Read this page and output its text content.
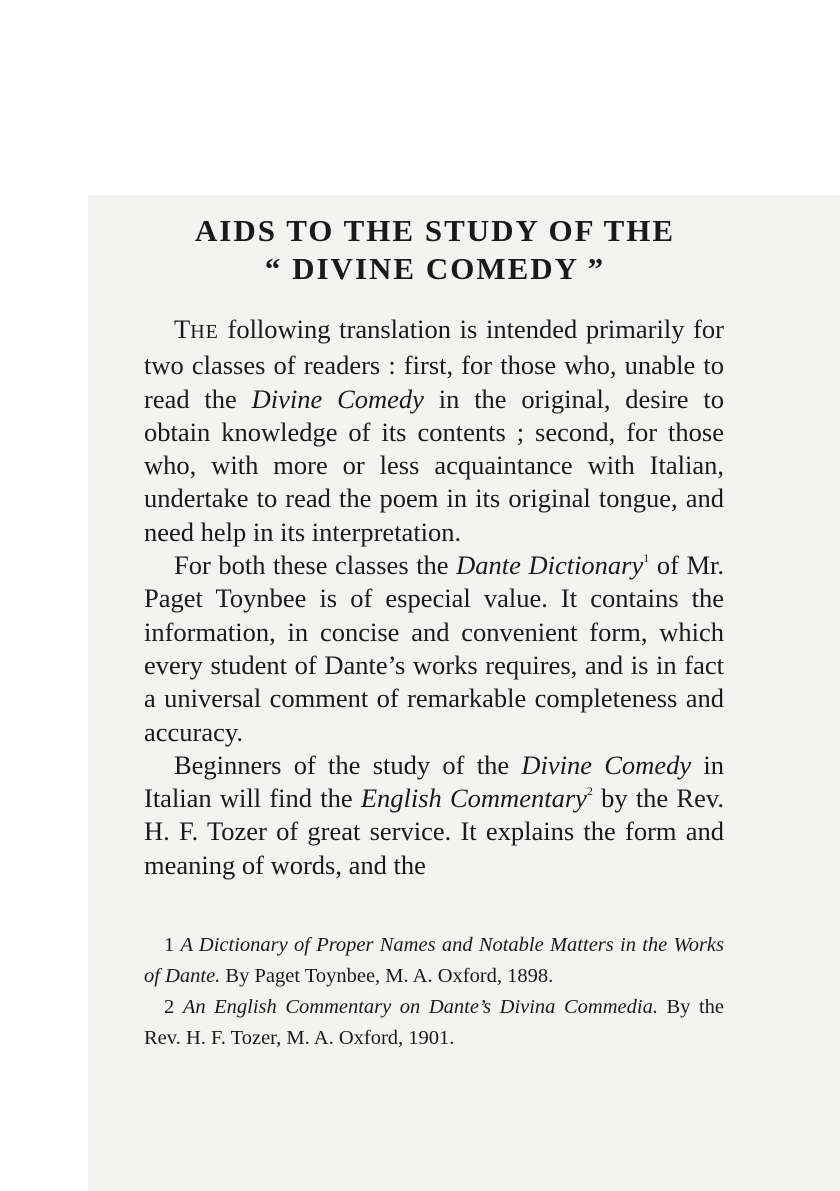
AIDS TO THE STUDY OF THE
“ DIVINE COMEDY ”

THE following translation is intended primarily for two classes of readers : first, for those who, unable to read the Divine Comedy in the original, desire to obtain knowledge of its contents ; second, for those who, with more or less acquaintance with Italian, undertake to read the poem in its original tongue, and need help in its interpretation.

For both these classes the Dante Dictionary$^1$ of Mr. Paget Toynbee is of especial value. It contains the information, in concise and convenient form, which every student of Dante’s works requires, and is in fact a universal comment of remarkable completeness and accuracy.

Beginners of the study of the Divine Comedy in Italian will find the English Commentary$^2$ by the Rev. H. F. Tozer of great service. It explains the form and meaning of words, and the

1 A Dictionary of Proper Names and Notable Matters in the Works of Dante. By Paget Toynbee, M. A. Oxford, 1898.

2 An English Commentary on Dante’s Divina Commedia. By the Rev. H. F. Tozer, M. A. Oxford, 1901.
